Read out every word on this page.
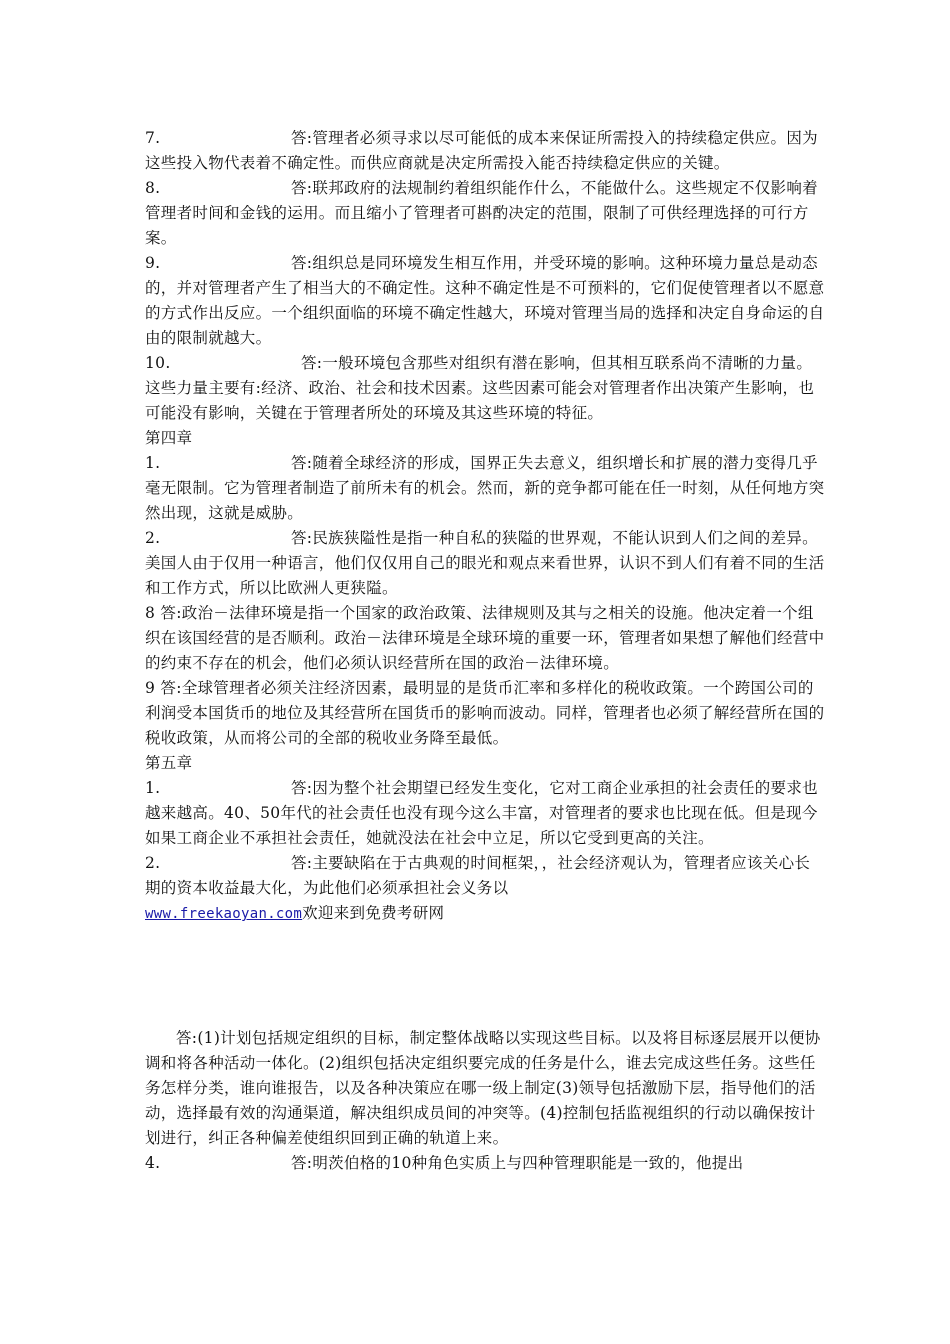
7.	答:管理者必须寻求以尽可能低的成本来保证所需投入的持续稳定供应。因为这些投入物代表着不确定性。而供应商就是决定所需投入能否持续稳定供应的关键。
8.	答:联邦政府的法规制约着组织能作什么，不能做什么。这些规定不仅影响着管理者时间和金钱的运用。而且缩小了管理者可斟酌决定的范围，限制了可供经理选择的可行方案。
9.	答:组织总是同环境发生相互作用，并受环境的影响。这种环境力量总是动态的，并对管理者产生了相当大的不确定性。这种不确定性是不可预料的，它们促使管理者以不愿意的方式作出反应。一个组织面临的环境不确定性越大，环境对管理当局的选择和决定自身命运的自由的限制就越大。
10.	答:一般环境包含那些对组织有潜在影响，但其相互联系尚不清晰的力量。这些力量主要有:经济、政治、社会和技术因素。这些因素可能会对管理者作出决策产生影响，也可能没有影响，关键在于管理者所处的环境及其这些环境的特征。
第四章
1.	答:随着全球经济的形成，国界正失去意义，组织增长和扩展的潜力变得几乎毫无限制。它为管理者制造了前所未有的机会。然而，新的竞争都可能在任一时刻，从任何地方突然出现，这就是威胁。
2.	答:民族狭隘性是指一种自私的狭隘的世界观，不能认识到人们之间的差异。美国人由于仅用一种语言，他们仅仅用自己的眼光和观点来看世界，认识不到人们有着不同的生活和工作方式，所以比欧洲人更狭隘。
8 答:政治－法律环境是指一个国家的政治政策、法律规则及其与之相关的设施。他决定着一个组织在该国经营的是否顺利。政治－法律环境是全球环境的重要一环，管理者如果想了解他们经营中的约束不存在的机会，他们必须认识经营所在国的政治－法律环境。
9 答:全球管理者必须关注经济因素，最明显的是货币汇率和多样化的税收政策。一个跨国公司的利润受本国货币的地位及其经营所在国货币的影响而波动。同样，管理者也必须了解经营所在国的税收政策，从而将公司的全部的税收业务降至最低。
第五章
1.	答:因为整个社会期望已经发生变化，它对工商企业承担的社会责任的要求也越来越高。40、50年代的社会责任也没有现今这么丰富，对管理者的要求也比现在低。但是现今如果工商企业不承担社会责任，她就没法在社会中立足，所以它受到更高的关注。
2.	答:主要缺陷在于古典观的时间框架，，社会经济观认为，管理者应该关心长期的资本收益最大化，为此他们必须承担社会义务以
www.freekaoyan.com欢迎来到免费考研网
答:(1)计划包括规定组织的目标，制定整体战略以实现这些目标。以及将目标逐层展开以便协调和将各种活动一体化。(2)组织包括决定组织要完成的任务是什么，谁去完成这些任务。这些任务怎样分类，谁向谁报告，以及各种决策应在哪一级上制定(3)领导包括激励下层，指导他们的活动，选择最有效的沟通渠道，解决组织成员间的冲突等。(4)控制包括监视组织的行动以确保按计划进行，纠正各种偏差使组织回到正确的轨道上来。
4.	答:明茨伯格的10种角色实质上与四种管理职能是一致的，他提出
